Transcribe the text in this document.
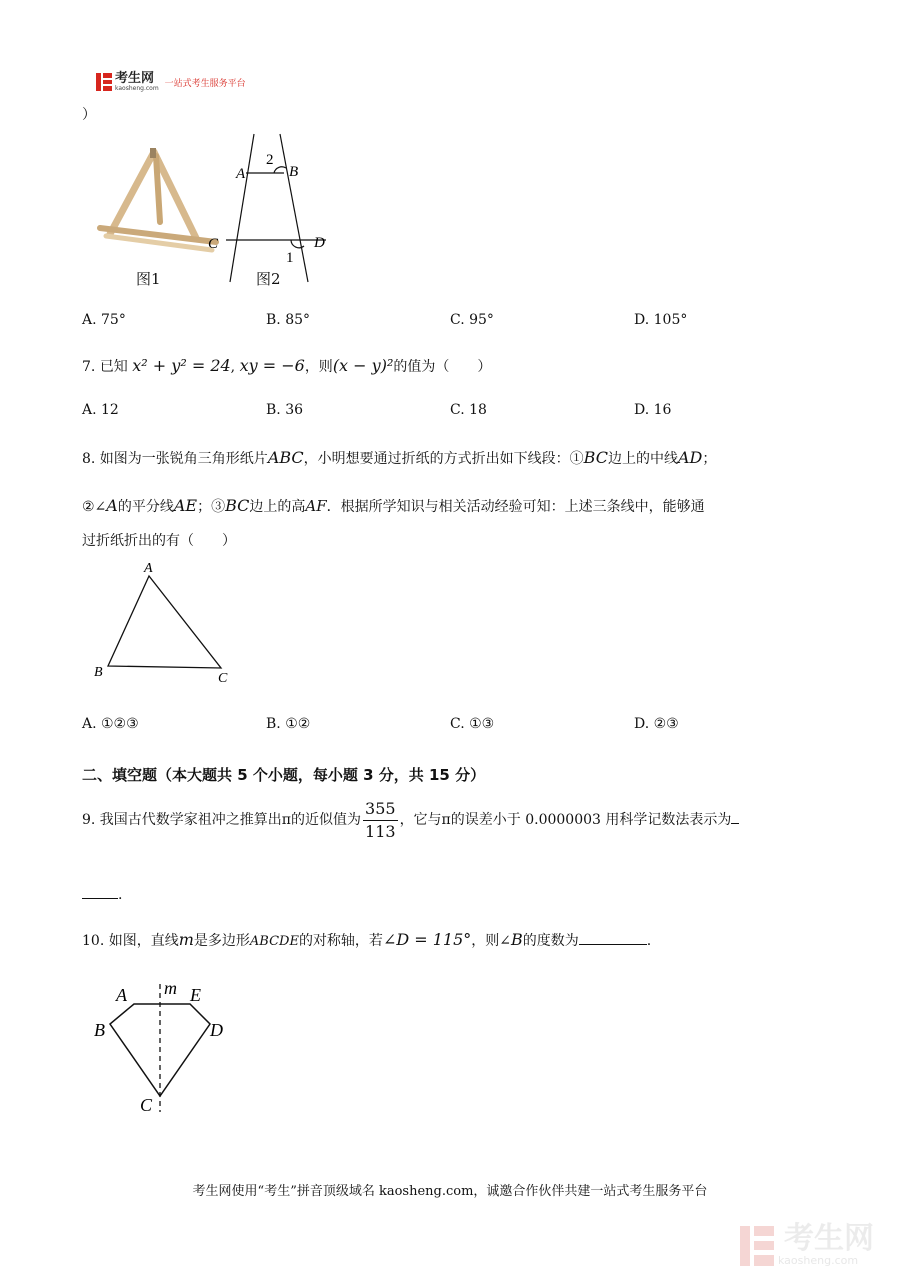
考生网
kaosheng.com 一站式考生服务平台
）
图1
A	B
2
C	D
1
图2
A. 75°	B. 85°	C. 95°	D. 105°
7. 已知 x² + y² = 24, xy = −6，则(x − y)²的值为（　　）
A. 12	B. 36	C. 18	D. 16
8. 如图为一张锐角三角形纸片ABC，小明想要通过折纸的方式折出如下线段：①BC边上的中线AD；
②∠A的平分线AE；③BC边上的高AF．根据所学知识与相关活动经验可知：上述三条线中，能够通
过折纸折出的有（　　）
A
B	C
A. ①②③	B. ①②	C. ①③	D. ②③
二、填空题（本大题共 5 个小题，每小题 3 分，共 15 分）
9. 我国古代数学家祖冲之推算出π的近似值为 $\frac{355}{113}$ ，它与π的误差小于 0.0000003 用科学记数法表示为
.
10. 如图，直线m是多边形ABCDE的对称轴，若∠D = 115°，则∠B的度数为	.
A m E
B	D
C
考生网使用“考生”拼音顶级域名 kaosheng.com，诚邀合作伙伴共建一站式考生服务平台
考生网
kaosheng.com
